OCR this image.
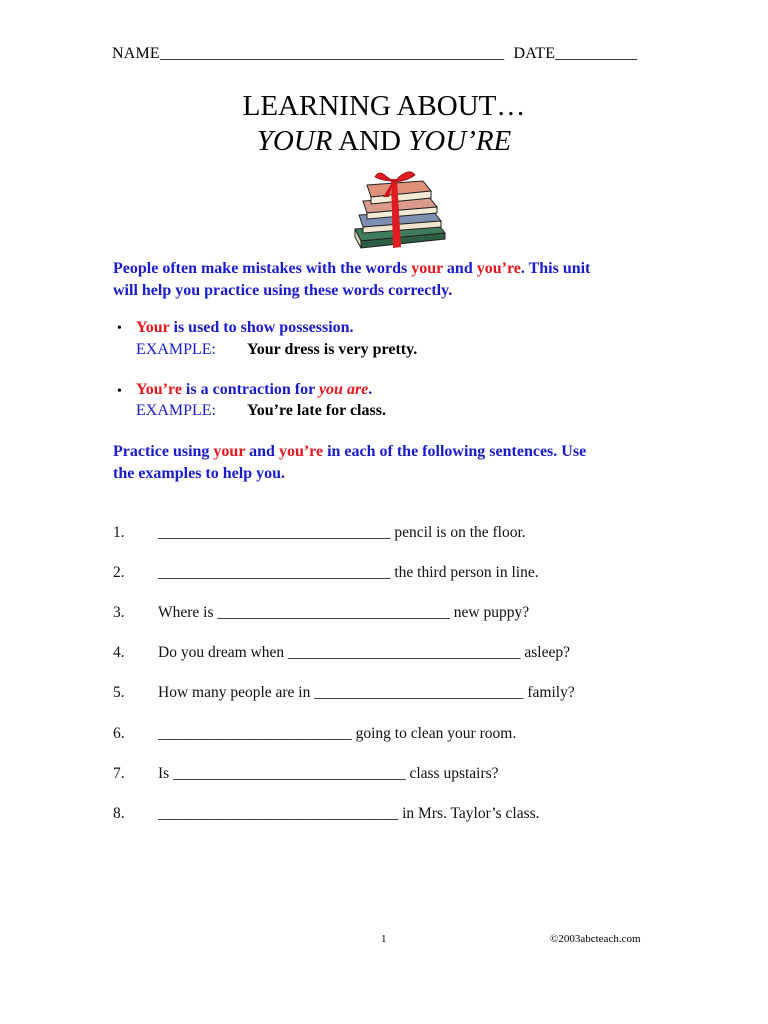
NAME__________________________________________ DATE__________
LEARNING ABOUT…
YOUR AND YOU’RE
People often make mistakes with the words your and you’re. This unit
will help you practice using these words correctly.
• Your is used to show possession.
EXAMPLE: Your dress is very pretty.
• You’re is a contraction for you are.
EXAMPLE: You’re late for class.
Practice using your and you’re in each of the following sentences. Use
the examples to help you.
1. ______________________________ pencil is on the floor.
2. ______________________________ the third person in line.
3. Where is ______________________________ new puppy?
4. Do you dream when ______________________________ asleep?
5. How many people are in ___________________________ family?
6. _________________________ going to clean your room.
7. Is ______________________________ class upstairs?
8. _______________________________ in Mrs. Taylor’s class.
1	©2003abcteach.com
